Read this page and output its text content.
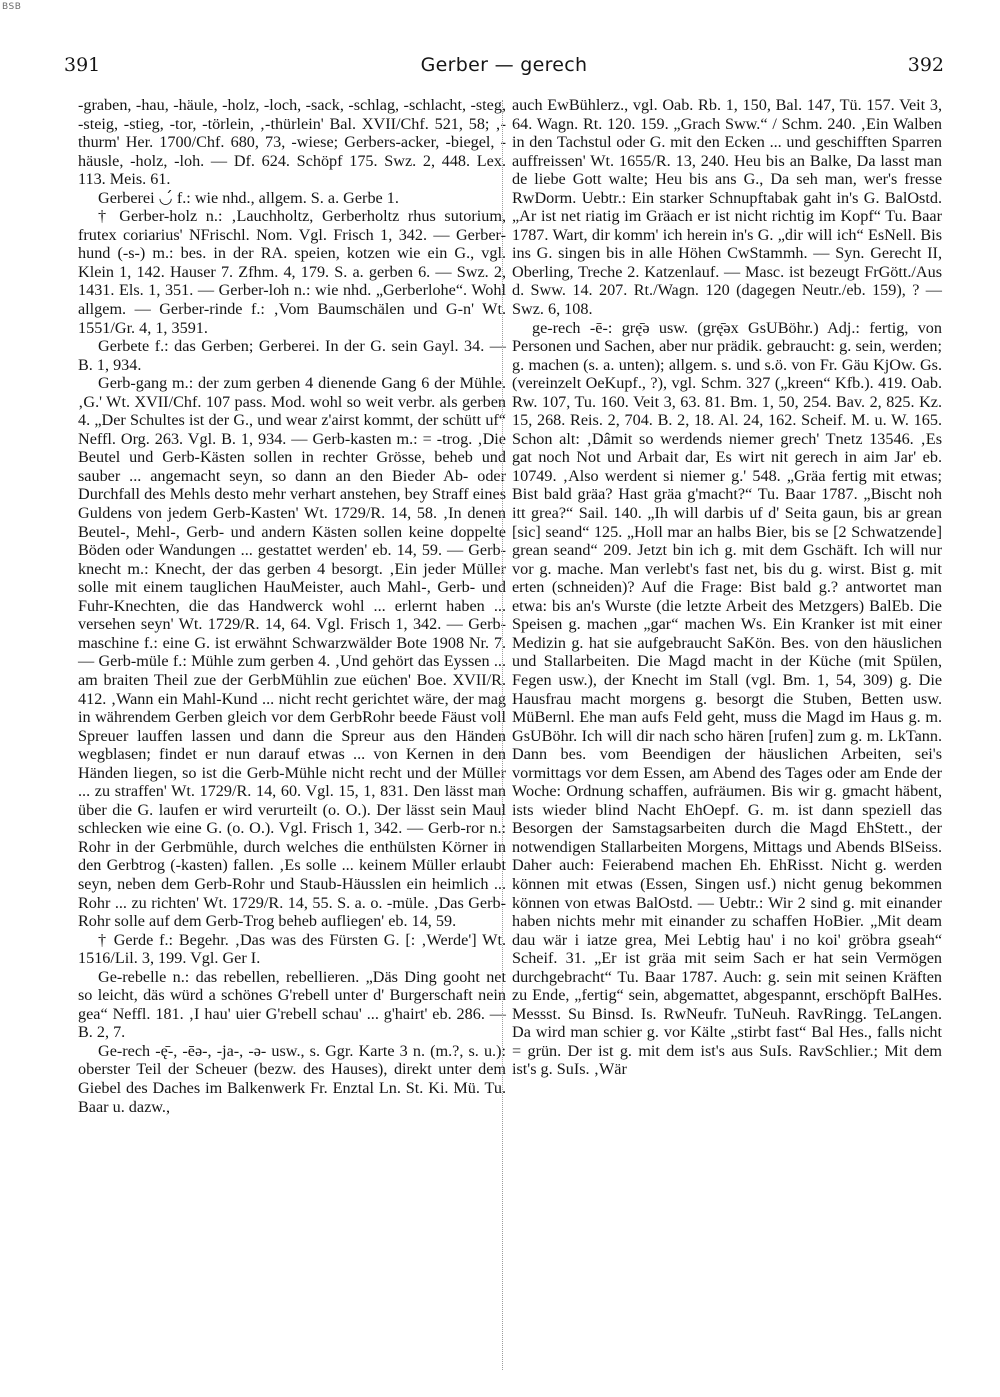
BSB
391	Gerber — gerech	392

-graben, -hau, -häule, -holz, -loch, -sack, -schlag, -schlacht, -steg, -steig, -stieg, -tor, -törlein, ‚-thürlein' Bal. XVII/Chf. 521, 58; ‚-thurm' Her. 1700/Chf. 680, 73, -wiese; Gerbers-acker, -biegel, -häusle, -holz, -loh. — Df. 624. Schöpf 175. Swz. 2, 448. Lex. 113. Meis. 61.

Gerberei ◡́ f.: wie nhd., allgem. S. a. Gerbe 1.

† Gerber-holz n.: ‚Lauchholtz, Gerberholtz rhus sutorium, frutex coriarius' NFrischl. Nom. Vgl. Frisch 1, 342. — Gerber-hund (-s-) m.: bes. in der RA. speien, kotzen wie ein G., vgl. Klein 1, 142. Hauser 7. Zfhm. 4, 179. S. a. gerben 6. — Swz. 2, 1431. Els. 1, 351. — Gerber-loh n.: wie nhd. „Gerberlohe“. Wohl allgem. — Gerber-rinde f.: ‚Vom Baumschälen und G-n' Wt. 1551/Gr. 4, 1, 3591.

Gerbete f.: das Gerben; Gerberei. In der G. sein Gayl. 34. — B. 1, 934.

Gerb-gang m.: der zum gerben 4 dienende Gang 6 der Mühle. ‚G.' Wt. XVII/Chf. 107 pass. Mod. wohl so weit verbr. als gerben 4. „Der Schultes ist der G., und wear z'airst kommt, der schütt uf“ Neffl. Org. 263. Vgl. B. 1, 934. — Gerb-kasten m.: = -trog. ‚Die Beutel und Gerb-Kästen sollen in rechter Grösse, beheb und sauber ... angemacht seyn, so dann an den Bieder Ab- oder Durchfall des Mehls desto mehr verhart anstehen, bey Straff eines Guldens von jedem Gerb-Kasten' Wt. 1729/R. 14, 58. ‚In denen Beutel-, Mehl-, Gerb- und andern Kästen sollen keine doppelte Böden oder Wandungen ... gestattet werden' eb. 14, 59. — Gerb-knecht m.: Knecht, der das gerben 4 besorgt. ‚Ein jeder Müller solle mit einem tauglichen HauMeister, auch Mahl-, Gerb- und Fuhr-Knechten, die das Handwerck wohl ... erlernt haben ... versehen seyn' Wt. 1729/R. 14, 64. Vgl. Frisch 1, 342. — Gerb-maschine f.: eine G. ist erwähnt Schwarzwälder Bote 1908 Nr. 7. — Gerb-müle f.: Mühle zum gerben 4. ‚Und gehört das Eyssen ... am braiten Theil zue der GerbMühlin zue eüchen' Boe. XVII/R. 412. ‚Wann ein Mahl-Kund ... nicht recht gerichtet wäre, der mag in währendem Gerben gleich vor dem GerbRohr beede Fäust voll Spreuer lauffen lassen und dann die Spreur aus den Händen wegblasen; findet er nun darauf etwas ... von Kernen in den Händen liegen, so ist die Gerb-Mühle nicht recht und der Müller ... zu straffen' Wt. 1729/R. 14, 60. Vgl. 15, 1, 831. Den lässt man über die G. laufen er wird verurteilt (o. O.). Der lässt sein Maul schlecken wie eine G. (o. O.). Vgl. Frisch 1, 342. — Gerb-ror n.: Rohr in der Gerbmühle, durch welches die enthülsten Körner in den Gerbtrog (-kasten) fallen. ‚Es solle ... keinem Müller erlaubt seyn, neben dem Gerb-Rohr und Staub-Häusslen ein heimlich ... Rohr ... zu richten' Wt. 1729/R. 14, 55. S. a. o. -müle. ‚Das Gerb-Rohr solle auf dem Gerb-Trog beheb aufliegen' eb. 14, 59.

† Gerde f.: Begehr. ‚Das was des Fürsten G. [: ‚Werde'] Wt. 1516/Lil. 3, 199. Vgl. Ger I.

Ge-rebelle n.: das rebellen, rebellieren. „Däs Ding gooht net so leicht, däs würd a schönes G'rebell unter d' Burgerschaft nein gea“ Neffl. 181. ‚I hau' uier G'rebell schau' ... g'hairt' eb. 286. — B. 2, 7.

Ge-rech -ę̄-, -ēə-, -ja-, -ə- usw., s. Ggr. Karte 3 n. (m.?, s. u.): oberster Teil der Scheuer (bezw. des Hauses), direkt unter dem Giebel des Daches im Balkenwerk Fr. Enztal Ln. St. Ki. Mü. Tu. Baar u. dazw.,

auch EwBühlerz., vgl. Oab. Rb. 1, 150, Bal. 147, Tü. 157. Veit 3, 64. Wagn. Rt. 120. 159. „Grach Sww.“ / Schm. 240. ‚Ein Walben in den Tachstul oder G. mit den Ecken ... und geschifften Sparren auffreissen' Wt. 1655/R. 13, 240. Heu bis an Balke, Da lasst man de liebe Gott walte; Heu bis ans G., Da seh man, wer's fresse RwDorm. Uebtr.: Ein starker Schnupftabak gaht in's G. BalOstd. „Ar ist net riatig im Gräach er ist nicht richtig im Kopf“ Tu. Baar 1787. Wart, dir komm' ich herein in's G. „dir will ich“ EsNell. Bis ins G. singen bis in alle Höhen CwStammh. — Syn. Gerecht II, Oberling, Treche 2. Katzenlauf. — Masc. ist bezeugt FrGött./Aus d. Sww. 14. 207. Rt./Wagn. 120 (dagegen Neutr./eb. 159), ? — Swz. 6, 108.

ge-rech -ē-: grę̄ə usw. (grę̄əx GsUBöhr.) Adj.: fertig, von Personen und Sachen, aber nur prädik. gebraucht: g. sein, werden; g. machen (s. a. unten); allgem. s. und s.ö. von Fr. Gäu KjOw. Gs. (vereinzelt OeKupf., ?), vgl. Schm. 327 („kreen“ Kfb.). 419. Oab. Rw. 107, Tu. 160. Veit 3, 63. 81. Bm. 1, 50, 254. Bav. 2, 825. Kz. 15, 268. Reis. 2, 704. B. 2, 18. Al. 24, 162. Scheif. M. u. W. 165. Schon alt: ‚Dâmit so werdends niemer grech' Tnetz 13546. ‚Es gat noch Not und Arbait dar, Es wirt nit gerech in aim Jar' eb. 10749. ‚Also werdent si niemer g.' 548. „Gräa fertig mit etwas; Bist bald gräa? Hast gräa g'macht?“ Tu. Baar 1787. „Bischt noh itt grea?“ Sail. 140. „Ih will darbis uf d' Seita gaun, bis ar grean [sic] seand“ 125. „Holl mar an halbs Bier, bis se [2 Schwatzende] grean seand“ 209. Jetzt bin ich g. mit dem Gschäft. Ich will nur vor g. mache. Man verlebt's fast net, bis du g. wirst. Bist g. mit erten (schneiden)? Auf die Frage: Bist bald g.? antwortet man etwa: bis an's Wurste (die letzte Arbeit des Metzgers) BalEb. Die Speisen g. machen „gar“ machen Ws. Ein Kranker ist mit einer Medizin g. hat sie aufgebraucht SaKön. Bes. von den häuslichen und Stallarbeiten. Die Magd macht in der Küche (mit Spülen, Fegen usw.), der Knecht im Stall (vgl. Bm. 1, 54, 309) g. Die Hausfrau macht morgens g. besorgt die Stuben, Betten usw. MüBernl. Ehe man aufs Feld geht, muss die Magd im Haus g. m. GsUBöhr. Ich will dir nach scho hären [rufen] zum g. m. LkTann. Dann bes. vom Beendigen der häuslichen Arbeiten, sei's vormittags vor dem Essen, am Abend des Tages oder am Ende der Woche: Ordnung schaffen, aufräumen. Bis wir g. gmacht häbent, ists wieder blind Nacht EhOepf. G. m. ist dann speziell das Besorgen der Samstagsarbeiten durch die Magd EhStett., der notwendigen Stallarbeiten Morgens, Mittags und Abends BlSeiss. Daher auch: Feierabend machen Eh. EhRisst. Nicht g. werden können mit etwas (Essen, Singen usf.) nicht genug bekommen können von etwas BalOstd. — Uebtr.: Wir 2 sind g. mit einander haben nichts mehr mit einander zu schaffen HoBier. „Mit deam dau wär i iatze grea, Mei Lebtig hau' i no koi' gröbra gseah“ Scheif. 31. „Er ist gräa mit seim Sach er hat sein Vermögen durchgebracht“ Tu. Baar 1787. Auch: g. sein mit seinen Kräften zu Ende, „fertig“ sein, abgemattet, abgespannt, erschöpft BalHes. Messst. Su Binsd. Is. RwNeufr. TuNeuh. RavRingg. TeLangen. Da wird man schier g. vor Kälte „stirbt fast“ Bal Hes., falls nicht = grün. Der ist g. mit dem ist's aus SuIs. RavSchlier.; Mit dem ist's g. SuIs. ‚Wär
